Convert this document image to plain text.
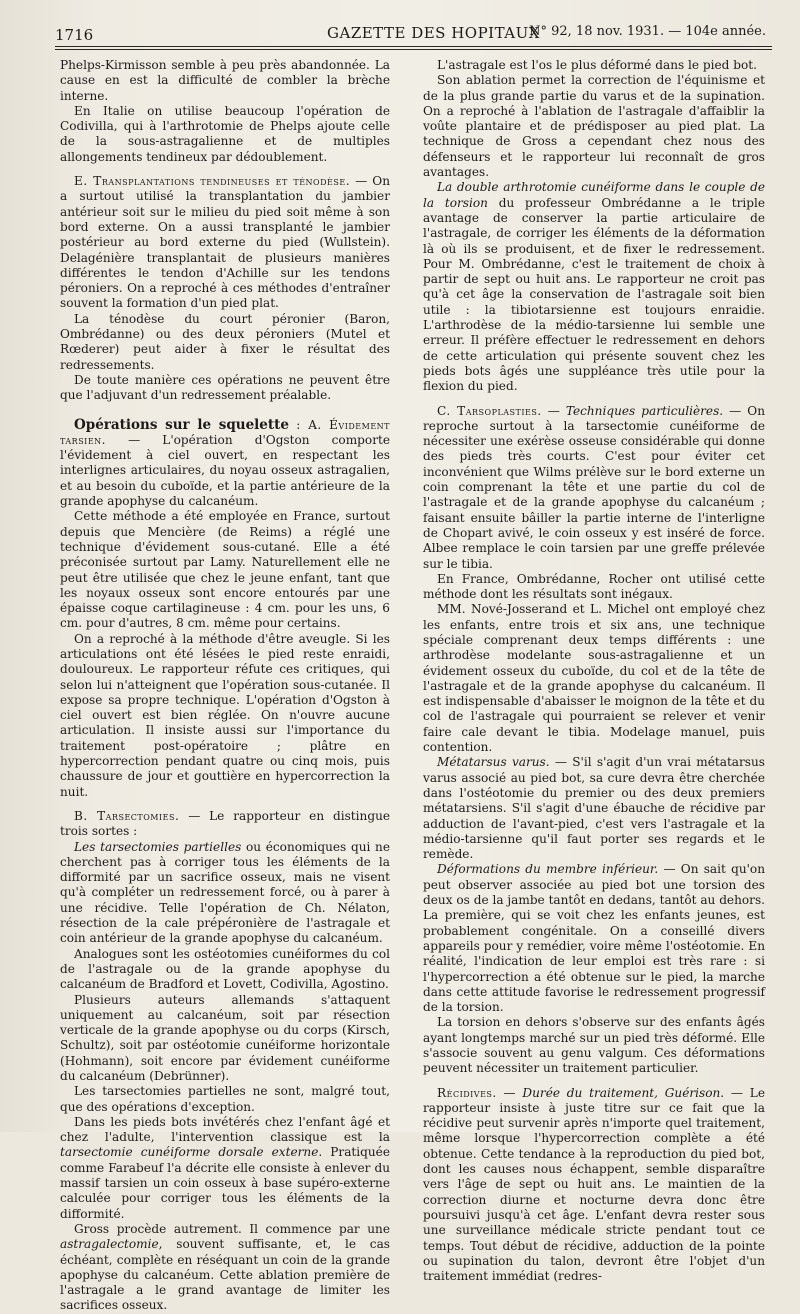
1716	GAZETTE DES HOPITAUX
N° 92, 18 nov. 1931. — 104e année.

Phelps-Kirmisson semble à peu près abandonnée. La cause en est la difficulté de combler la brèche interne.

En Italie on utilise beaucoup l'opération de Codivilla, qui à l'arthrotomie de Phelps ajoute celle de la sous-astragalienne et de multiples allongements tendineux par dédoublement.

E. Transplantations tendineuses et ténodèse. — On a surtout utilisé la transplantation du jambier antérieur soit sur le milieu du pied soit même à son bord externe. On a aussi transplanté le jambier postérieur au bord externe du pied (Wullstein). Delagénière transplantait de plusieurs manières différentes le tendon d'Achille sur les tendons péroniers. On a reproché à ces méthodes d'entraîner souvent la formation d'un pied plat.

La ténodèse du court péronier (Baron, Ombrédanne) ou des deux péroniers (Mutel et Rœderer) peut aider à fixer le résultat des redressements.

De toute manière ces opérations ne peuvent être que l'adjuvant d'un redressement préalable.

Opérations sur le squelette : A. Évidement tarsien. — L'opération d'Ogston comporte l'évidement à ciel ouvert, en respectant les interlignes articulaires, du noyau osseux astragalien, et au besoin du cuboïde, et la partie antérieure de la grande apophyse du calcanéum.

Cette méthode a été employée en France, surtout depuis que Mencière (de Reims) a réglé une technique d'évidement sous-cutané. Elle a été préconisée surtout par Lamy. Naturellement elle ne peut être utilisée que chez le jeune enfant, tant que les noyaux osseux sont encore entourés par une épaisse coque cartilagineuse : 4 cm. pour les uns, 6 cm. pour d'autres, 8 cm. même pour certains.

On a reproché à la méthode d'être aveugle. Si les articulations ont été lésées le pied reste enraidi, douloureux. Le rapporteur réfute ces critiques, qui selon lui n'atteignent que l'opération sous-cutanée. Il expose sa propre technique. L'opération d'Ogston à ciel ouvert est bien réglée. On n'ouvre aucune articulation. Il insiste aussi sur l'importance du traitement post-opératoire ; plâtre en hypercorrection pendant quatre ou cinq mois, puis chaussure de jour et gouttière en hypercorrection la nuit.

B. Tarsectomies. — Le rapporteur en distingue trois sortes :

Les tarsectomies partielles ou économiques qui ne cherchent pas à corriger tous les éléments de la difformité par un sacrifice osseux, mais ne visent qu'à compléter un redressement forcé, ou à parer à une récidive. Telle l'opération de Ch. Nélaton, résection de la cale prépéronière de l'astragale et coin antérieur de la grande apophyse du calcanéum.

Analogues sont les ostéotomies cunéiformes du col de l'astragale ou de la grande apophyse du calcanéum de Bradford et Lovett, Codivilla, Agostino.

Plusieurs auteurs allemands s'attaquent uniquement au calcanéum, soit par résection verticale de la grande apophyse ou du corps (Kirsch, Schultz), soit par ostéotomie cunéiforme horizontale (Hohmann), soit encore par évidement cunéiforme du calcanéum (Debrünner).

Les tarsectomies partielles ne sont, malgré tout, que des opérations d'exception.

Dans les pieds bots invétérés chez l'enfant âgé et chez l'adulte, l'intervention classique est la tarsectomie cunéiforme dorsale externe. Pratiquée comme Farabeuf l'a décrite elle consiste à enlever du massif tarsien un coin osseux à base supéro-externe calculée pour corriger tous les éléments de la difformité.

Gross procède autrement. Il commence par une astragalectomie, souvent suffisante, et, le cas échéant, complète en réséquant un coin de la grande apophyse du calcanéum. Cette ablation première de l'astragale a le grand avantage de limiter les sacrifices osseux.

L'astragale est l'os le plus déformé dans le pied bot.

Son ablation permet la correction de l'équinisme et de la plus grande partie du varus et de la supination. On a reproché à l'ablation de l'astragale d'affaiblir la voûte plantaire et de prédisposer au pied plat. La technique de Gross a cependant chez nous des défenseurs et le rapporteur lui reconnaît de gros avantages.

La double arthrotomie cunéiforme dans le couple de la torsion du professeur Ombrédanne a le triple avantage de conserver la partie articulaire de l'astragale, de corriger les éléments de la déformation là où ils se produisent, et de fixer le redressement. Pour M. Ombrédanne, c'est le traitement de choix à partir de sept ou huit ans. Le rapporteur ne croit pas qu'à cet âge la conservation de l'astragale soit bien utile : la tibiotarsienne est toujours enraidie. L'arthrodèse de la médio-tarsienne lui semble une erreur. Il préfère effectuer le redressement en dehors de cette articulation qui présente souvent chez les pieds bots âgés une suppléance très utile pour la flexion du pied.

C. Tarsoplasties. — Techniques particulières. — On reproche surtout à la tarsectomie cunéiforme de nécessiter une exérèse osseuse considérable qui donne des pieds très courts. C'est pour éviter cet inconvénient que Wilms prélève sur le bord externe un coin comprenant la tête et une partie du col de l'astragale et de la grande apophyse du calcanéum ; faisant ensuite bâiller la partie interne de l'interligne de Chopart avivé, le coin osseux y est inséré de force. Albee remplace le coin tarsien par une greffe prélevée sur le tibia.

En France, Ombrédanne, Rocher ont utilisé cette méthode dont les résultats sont inégaux.

MM. Nové-Josserand et L. Michel ont employé chez les enfants, entre trois et six ans, une technique spéciale comprenant deux temps différents : une arthrodèse modelante sous-astragalienne et un évidement osseux du cuboïde, du col et de la tête de l'astragale et de la grande apophyse du calcanéum. Il est indispensable d'abaisser le moignon de la tête et du col de l'astragale qui pourraient se relever et venir faire cale devant le tibia. Modelage manuel, puis contention.

Métatarsus varus. — S'il s'agit d'un vrai métatarsus varus associé au pied bot, sa cure devra être cherchée dans l'ostéotomie du premier ou des deux premiers métatarsiens. S'il s'agit d'une ébauche de récidive par adduction de l'avant-pied, c'est vers l'astragale et la médio-tarsienne qu'il faut porter ses regards et le remède.

Déformations du membre inférieur. — On sait qu'on peut observer associée au pied bot une torsion des deux os de la jambe tantôt en dedans, tantôt au dehors. La première, qui se voit chez les enfants jeunes, est probablement congénitale. On a conseillé divers appareils pour y remédier, voire même l'ostéotomie. En réalité, l'indication de leur emploi est très rare : si l'hypercorrection a été obtenue sur le pied, la marche dans cette attitude favorise le redressement progressif de la torsion.

La torsion en dehors s'observe sur des enfants âgés ayant longtemps marché sur un pied très déformé. Elle s'associe souvent au genu valgum. Ces déformations peuvent nécessiter un traitement particulier.

Récidives. — Durée du traitement, Guérison. — Le rapporteur insiste à juste titre sur ce fait que la récidive peut survenir après n'importe quel traitement, même lorsque l'hypercorrection complète a été obtenue. Cette tendance à la reproduction du pied bot, dont les causes nous échappent, semble disparaître vers l'âge de sept ou huit ans. Le maintien de la correction diurne et nocturne devra donc être poursuivi jusqu'à cet âge. L'enfant devra rester sous une surveillance médicale stricte pendant tout ce temps. Tout début de récidive, adduction de la pointe ou supination du talon, devront être l'objet d'un traitement immédiat (redres-
